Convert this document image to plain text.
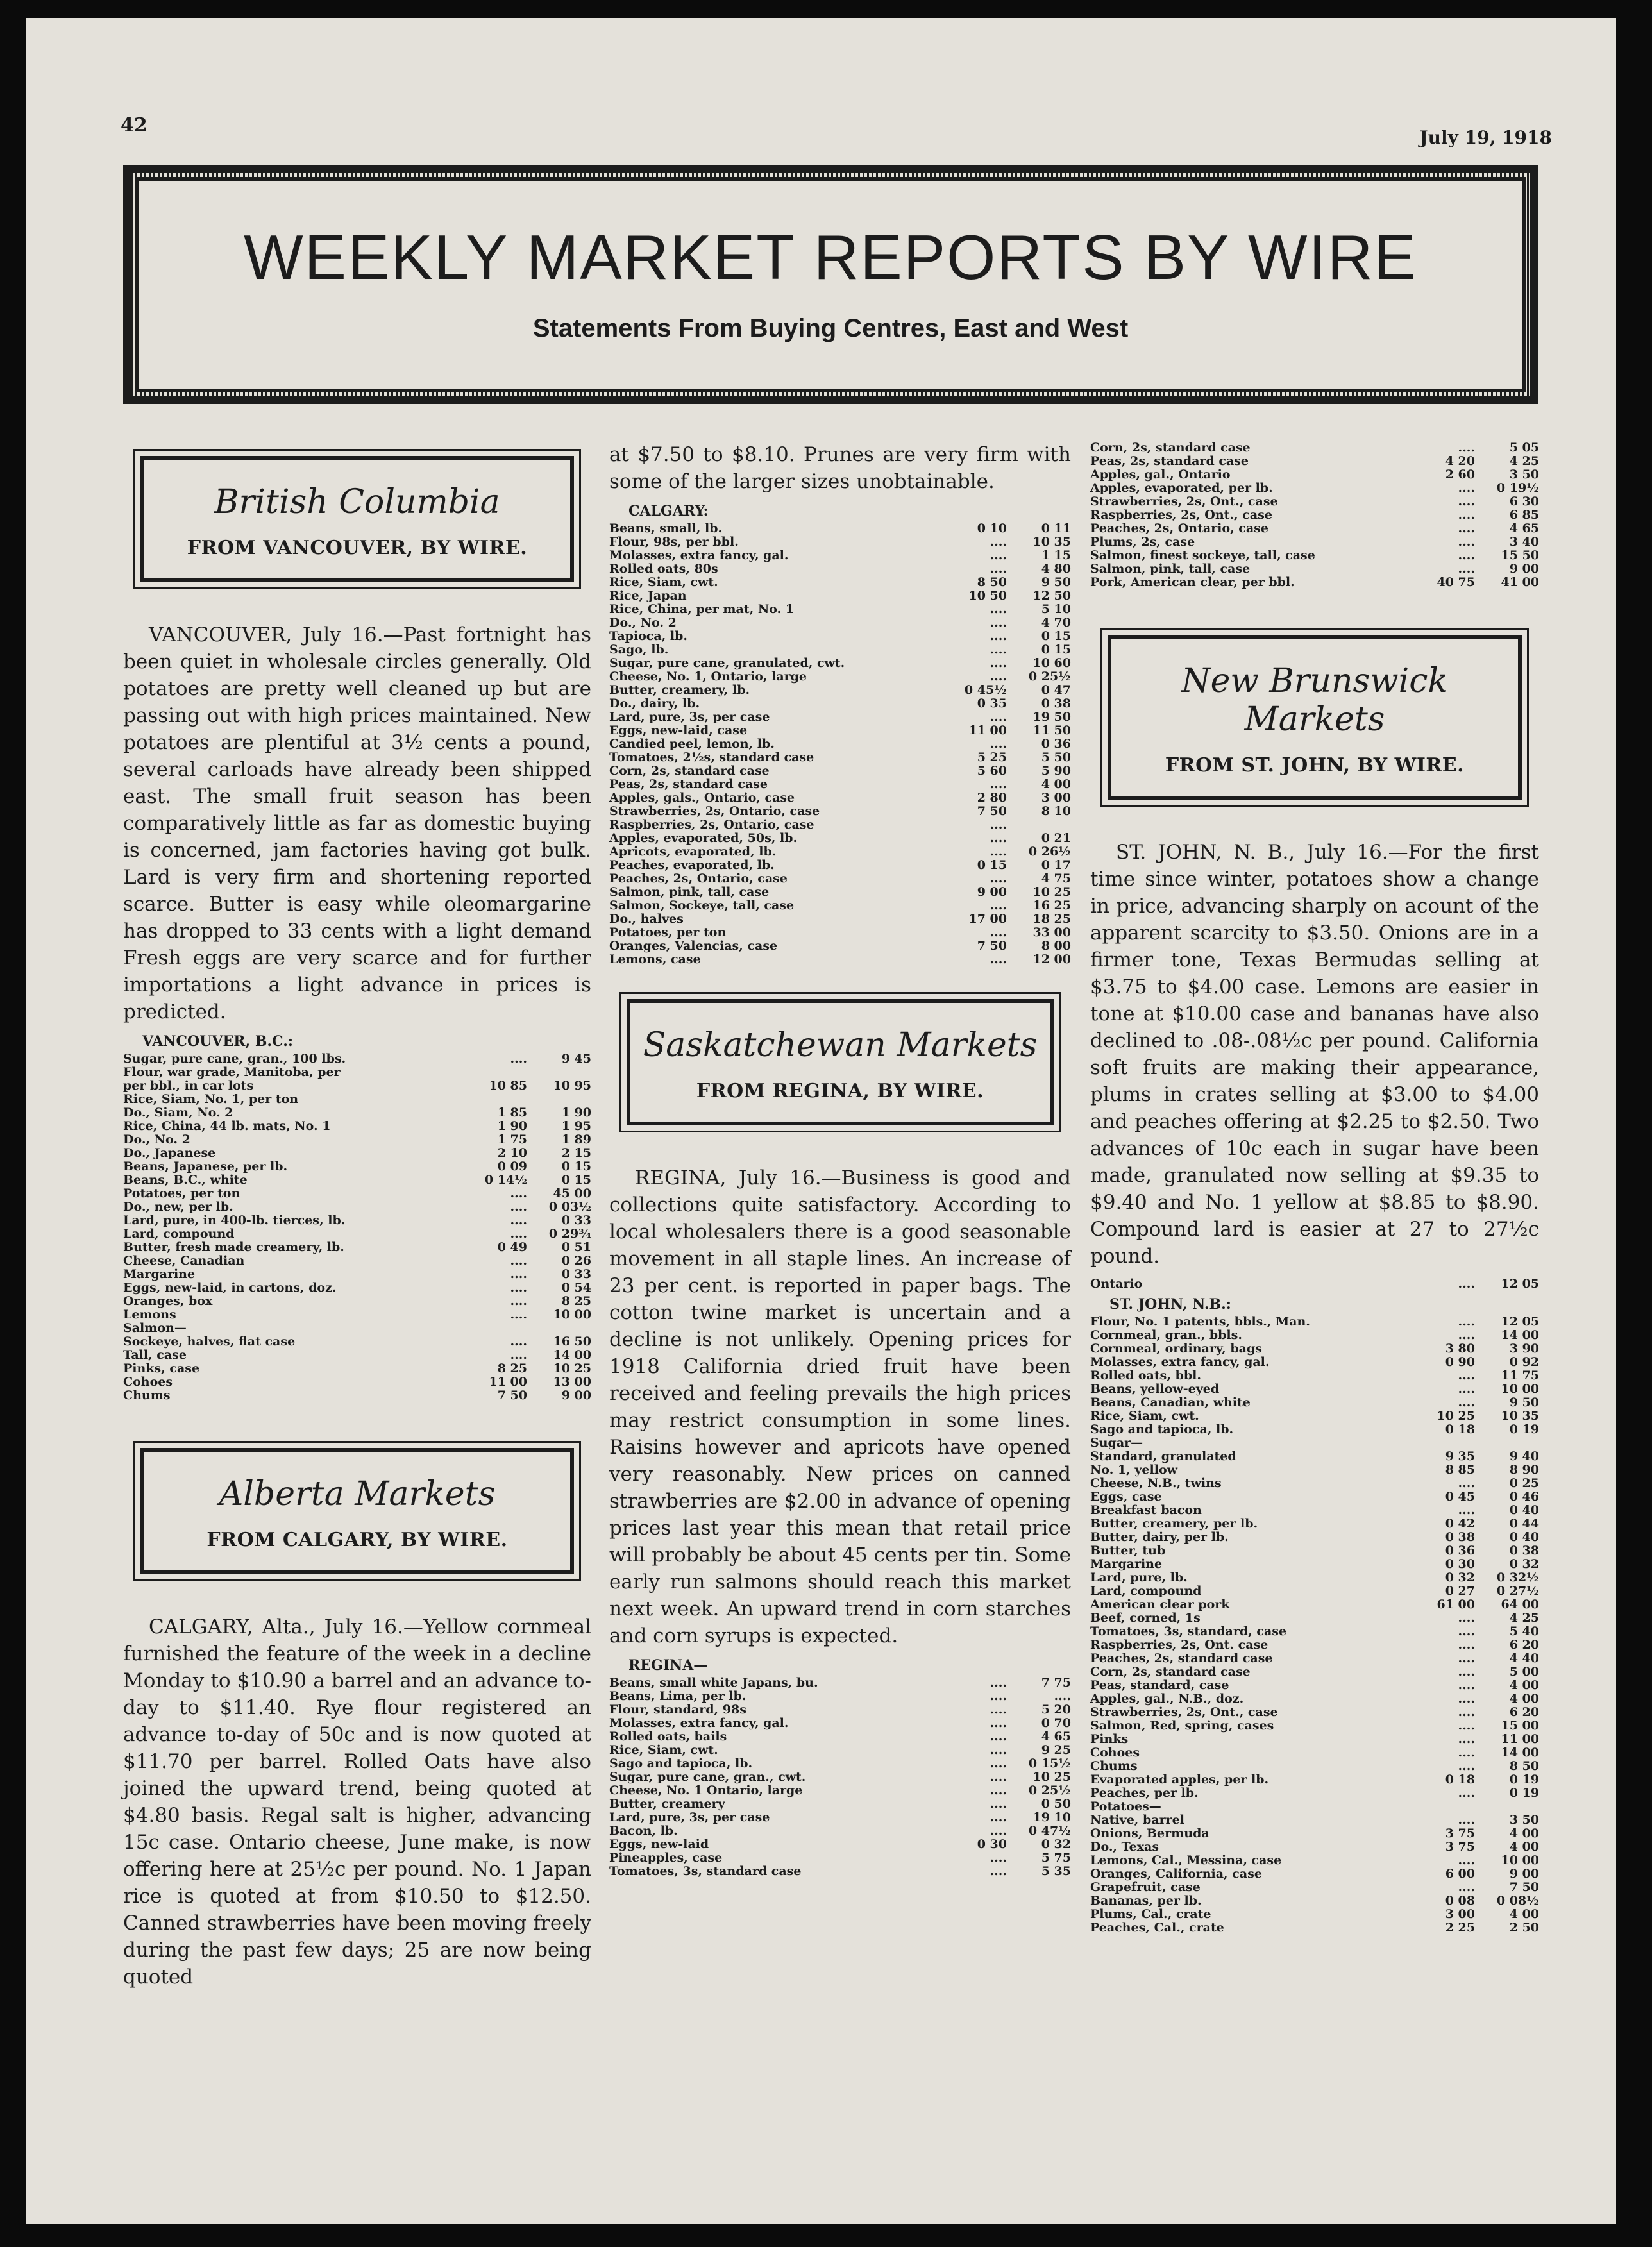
42
July 19, 1918
WEEKLY MARKET REPORTS BY WIRE
Statements From Buying Centres, East and West
British Columbia
FROM VANCOUVER, BY WIRE.

VANCOUVER, July 16.—Past fortnight has been quiet in wholesale circles generally. Old potatoes are pretty well cleaned up but are passing out with high prices maintained. New potatoes are plentiful at 3½ cents a pound, several carloads have already been shipped east. The small fruit season has been comparatively little as far as domestic buying is concerned, jam factories having got bulk. Lard is very firm and shortening reported scarce. Butter is easy while oleomargarine has dropped to 33 cents with a light demand Fresh eggs are very scarce and for further importations a light advance in prices is predicted.

VANCOUVER, B.C.:
Sugar, pure cane, gran., 100 lbs.	....	9 45
Flour, war grade, Manitoba, per		
per bbl., in car lots	10 85	10 95
Rice, Siam, No. 1, per ton		
Do., Siam, No. 2	1 85	1 90
Rice, China, 44 lb. mats, No. 1	1 90	1 95
Do., No. 2	1 75	1 89
Do., Japanese	2 10	2 15
Beans, Japanese, per lb.	0 09	0 15
Beans, B.C., white	0 14½	0 15
Potatoes, per ton	....	45 00
Do., new, per lb.	....	0 03½
Lard, pure, in 400-lb. tierces, lb.	....	0 33
Lard, compound	....	0 29¾
Butter, fresh made creamery, lb.	0 49	0 51
Cheese, Canadian	....	0 26
Margarine	....	0 33
Eggs, new-laid, in cartons, doz.	....	0 54
Oranges, box	....	8 25
Lemons	....	10 00
Salmon—		
Sockeye, halves, flat case	....	16 50
Tall, case	....	14 00
Pinks, case	8 25	10 25
Cohoes	11 00	13 00
Chums	7 50	9 00
Alberta Markets
FROM CALGARY, BY WIRE.

CALGARY, Alta., July 16.—Yellow cornmeal furnished the feature of the week in a decline Monday to $10.90 a barrel and an advance to-day to $11.40. Rye flour registered an advance to-day of 50c and is now quoted at $11.70 per barrel. Rolled Oats have also joined the upward trend, being quoted at $4.80 basis. Regal salt is higher, advancing 15c case. Ontario cheese, June make, is now offering here at 25½c per pound. No. 1 Japan rice is quoted at from $10.50 to $12.50. Canned strawberries have been moving freely during the past few days; 25 are now being quoted

at $7.50 to $8.10. Prunes are very firm with some of the larger sizes unobtainable.

CALGARY:
Beans, small, lb.	0 10	0 11
Flour, 98s, per bbl.	....	10 35
Molasses, extra fancy, gal.	....	1 15
Rolled oats, 80s	....	4 80
Rice, Siam, cwt.	8 50	9 50
Rice, Japan	10 50	12 50
Rice, China, per mat, No. 1	....	5 10
Do., No. 2	....	4 70
Tapioca, lb.	....	0 15
Sago, lb.	....	0 15
Sugar, pure cane, granulated, cwt.	....	10 60
Cheese, No. 1, Ontario, large	....	0 25½
Butter, creamery, lb.	0 45½	0 47
Do., dairy, lb.	0 35	0 38
Lard, pure, 3s, per case	....	19 50
Eggs, new-laid, case	11 00	11 50
Candied peel, lemon, lb.	....	0 36
Tomatoes, 2½s, standard case	5 25	5 50
Corn, 2s, standard case	5 60	5 90
Peas, 2s, standard case	....	4 00
Apples, gals., Ontario, case	2 80	3 00
Strawberries, 2s, Ontario, case	7 50	8 10
Raspberries, 2s, Ontario, case	....	
Apples, evaporated, 50s, lb.	....	0 21
Apricots, evaporated, lb.	....	0 26½
Peaches, evaporated, lb.	0 15	0 17
Peaches, 2s, Ontario, case	....	4 75
Salmon, pink, tall, case	9 00	10 25
Salmon, Sockeye, tall, case	....	16 25
Do., halves	17 00	18 25
Potatoes, per ton	....	33 00
Oranges, Valencias, case	7 50	8 00
Lemons, case	....	12 00
Saskatchewan Markets
FROM REGINA, BY WIRE.

REGINA, July 16.—Business is good and collections quite satisfactory. According to local wholesalers there is a good seasonable movement in all staple lines. An increase of 23 per cent. is reported in paper bags. The cotton twine market is uncertain and a decline is not unlikely. Opening prices for 1918 California dried fruit have been received and feeling prevails the high prices may restrict consumption in some lines. Raisins however and apricots have opened very reasonably. New prices on canned strawberries are $2.00 in advance of opening prices last year this mean that retail price will probably be about 45 cents per tin. Some early run salmons should reach this market next week. An upward trend in corn starches and corn syrups is expected.

REGINA—
Beans, small white Japans, bu.	....	7 75
Beans, Lima, per lb.	....	....
Flour, standard, 98s	....	5 20
Molasses, extra fancy, gal.	....	0 70
Rolled oats, bails	....	4 65
Rice, Siam, cwt.	....	9 25
Sago and tapioca, lb.	....	0 15½
Sugar, pure cane, gran., cwt.	....	10 25
Cheese, No. 1 Ontario, large	....	0 25½
Butter, creamery	....	0 50
Lard, pure, 3s, per case	....	19 10
Bacon, lb.	....	0 47½
Eggs, new-laid	0 30	0 32
Pineapples, case	....	5 75
Tomatoes, 3s, standard case	....	5 35
Corn, 2s, standard case	....	5 05
Peas, 2s, standard case	4 20	4 25
Apples, gal., Ontario	2 60	3 50
Apples, evaporated, per lb.	....	0 19½
Strawberries, 2s, Ont., case	....	6 30
Raspberries, 2s, Ont., case	....	6 85
Peaches, 2s, Ontario, case	....	4 65
Plums, 2s, case	....	3 40
Salmon, finest sockeye, tall, case	....	15 50
Salmon, pink, tall, case	....	9 00
Pork, American clear, per bbl.	40 75	41 00
New Brunswick Markets
FROM ST. JOHN, BY WIRE.

ST. JOHN, N. B., July 16.—For the first time since winter, potatoes show a change in price, advancing sharply on acount of the apparent scarcity to $3.50. Onions are in a firmer tone, Texas Bermudas selling at $3.75 to $4.00 case. Lemons are easier in tone at $10.00 case and bananas have also declined to .08-.08½c per pound. California soft fruits are making their appearance, plums in crates selling at $3.00 to $4.00 and peaches offering at $2.25 to $2.50. Two advances of 10c each in sugar have been made, granulated now selling at $9.35 to $9.40 and No. 1 yellow at $8.85 to $8.90. Compound lard is easier at 27 to 27½c pound.

Ontario	....	12 05
ST. JOHN, N.B.:
Flour, No. 1 patents, bbls., Man.	....	12 05
Cornmeal, gran., bbls.	....	14 00
Cornmeal, ordinary, bags	3 80	3 90
Molasses, extra fancy, gal.	0 90	0 92
Rolled oats, bbl.	....	11 75
Beans, yellow-eyed	....	10 00
Beans, Canadian, white	....	9 50
Rice, Siam, cwt.	10 25	10 35
Sago and tapioca, lb.	0 18	0 19
Sugar—		
Standard, granulated	9 35	9 40
No. 1, yellow	8 85	8 90
Cheese, N.B., twins	....	0 25
Eggs, case	0 45	0 46
Breakfast bacon	....	0 40
Butter, creamery, per lb.	0 42	0 44
Butter, dairy, per lb.	0 38	0 40
Butter, tub	0 36	0 38
Margarine	0 30	0 32
Lard, pure, lb.	0 32	0 32½
Lard, compound	0 27	0 27½
American clear pork	61 00	64 00
Beef, corned, 1s	....	4 25
Tomatoes, 3s, standard, case	....	5 40
Raspberries, 2s, Ont. case	....	6 20
Peaches, 2s, standard case	....	4 40
Corn, 2s, standard case	....	5 00
Peas, standard, case	....	4 00
Apples, gal., N.B., doz.	....	4 00
Strawberries, 2s, Ont., case	....	6 20
Salmon, Red, spring, cases	....	15 00
Pinks	....	11 00
Cohoes	....	14 00
Chums	....	8 50
Evaporated apples, per lb.	0 18	0 19
Peaches, per lb.	....	0 19
Potatoes—		
Native, barrel	....	3 50
Onions, Bermuda	3 75	4 00
Do., Texas	3 75	4 00
Lemons, Cal., Messina, case	....	10 00
Oranges, California, case	6 00	9 00
Grapefruit, case	....	7 50
Bananas, per lb.	0 08	0 08½
Plums, Cal., crate	3 00	4 00
Peaches, Cal., crate	2 25	2 50
